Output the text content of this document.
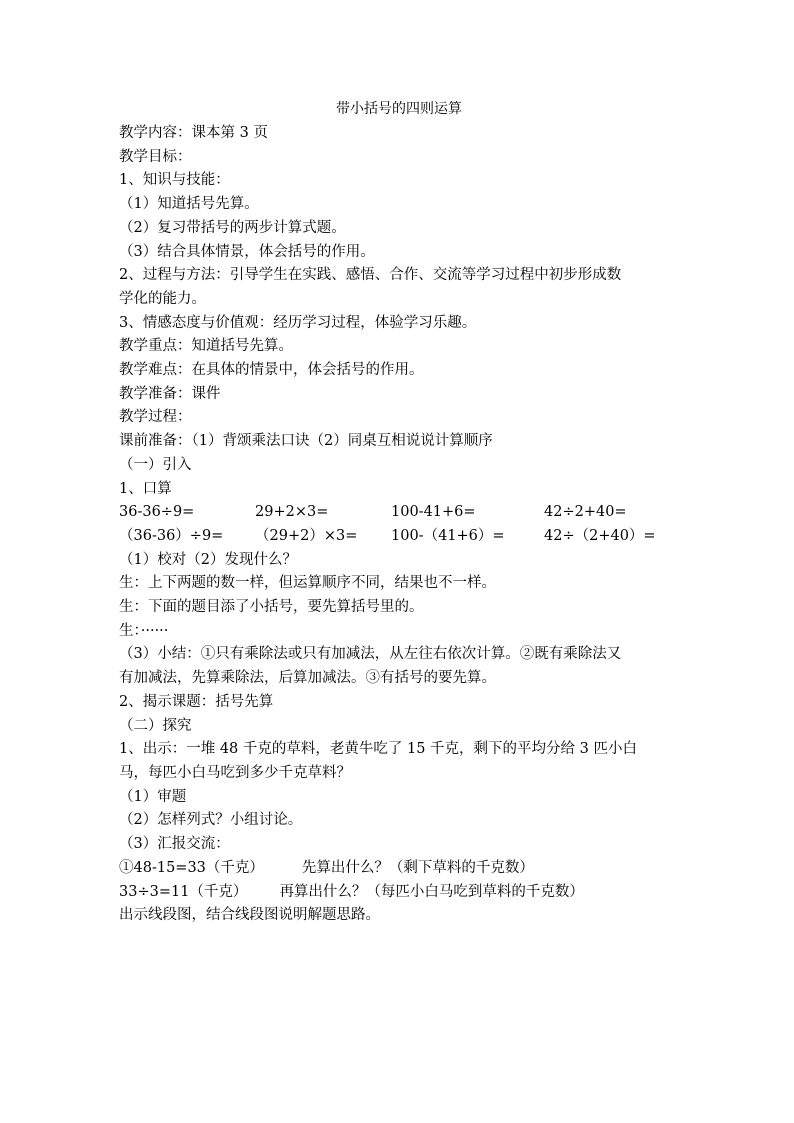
带小括号的四则运算
教学内容：课本第 3 页
教学目标：
1、知识与技能：
（1）知道括号先算。
（2）复习带括号的两步计算式题。
（3）结合具体情景，体会括号的作用。
2、过程与方法：引导学生在实践、感悟、合作、交流等学习过程中初步形成数
学化的能力。
3、情感态度与价值观：经历学习过程，体验学习乐趣。
教学重点：知道括号先算。
教学难点：在具体的情景中，体会括号的作用。
教学准备：课件
教学过程：
课前准备：（1）背颂乘法口诀（2）同桌互相说说计算顺序
（一）引入
1、口算
36-36÷9=	29+2×3=	100-41+6=	42÷2+40=
（36-36）÷9=	（29+2）×3=	100-（41+6）=	42÷（2+40）=
（1）校对（2）发现什么？
生：上下两题的数一样，但运算顺序不同，结果也不一样。
生：下面的题目添了小括号，要先算括号里的。
生：······
（3）小结：①只有乘除法或只有加减法，从左往右依次计算。②既有乘除法又
有加减法，先算乘除法，后算加减法。③有括号的要先算。
2、揭示课题：括号先算
（二）探究
1、出示：一堆 48 千克的草料，老黄牛吃了 15 千克，剩下的平均分给 3 匹小白
马，每匹小白马吃到多少千克草料？
（1）审题
（2）怎样列式？小组讨论。
（3）汇报交流：
①48-15=33（千克）	先算出什么？（剩下草料的千克数）
33÷3=11（千克） 再算出什么？（每匹小白马吃到草料的千克数）
出示线段图，结合线段图说明解题思路。
